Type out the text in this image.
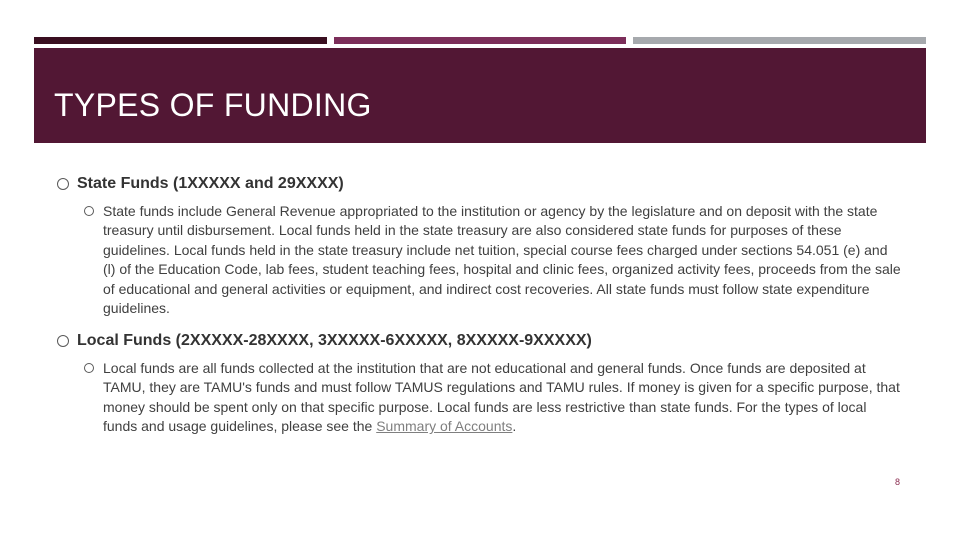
TYPES OF FUNDING
State Funds (1XXXXX and 29XXXX)

State funds include General Revenue appropriated to the institution or agency by the legislature and on deposit with the state treasury until disbursement. Local funds held in the state treasury are also considered state funds for purposes of these guidelines. Local funds held in the state treasury include net tuition, special course fees charged under sections 54.051 (e) and (l) of the Education Code, lab fees, student teaching fees, hospital and clinic fees, organized activity fees, proceeds from the sale of educational and general activities or equipment, and indirect cost recoveries. All state funds must follow state expenditure guidelines.

Local Funds (2XXXXX-28XXXX, 3XXXXX-6XXXXX, 8XXXXX-9XXXXX)

Local funds are all funds collected at the institution that are not educational and general funds. Once funds are deposited at TAMU, they are TAMU's funds and must follow TAMUS regulations and TAMU rules. If money is given for a specific purpose, that money should be spent only on that specific purpose. Local funds are less restrictive than state funds. For the types of local funds and usage guidelines, please see the Summary of Accounts.

8
